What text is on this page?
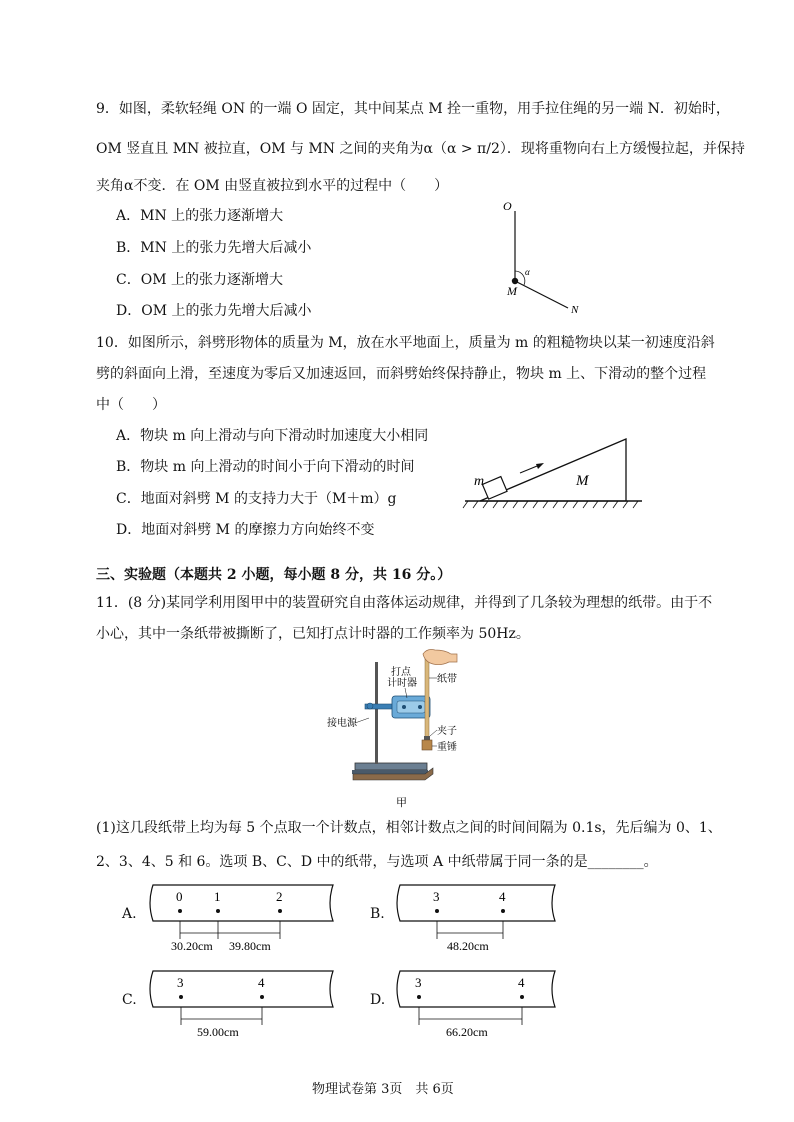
9．如图，柔软轻绳 ON 的一端 O 固定，其中间某点 M 拴一重物，用手拉住绳的另一端 N．初始时，
OM 竖直且 MN 被拉直，OM 与 MN 之间的夹角为α（α > π/2）．现将重物向右上方缓慢拉起，并保持
夹角α不变．在 OM 由竖直被拉到水平的过程中（　　）
A．MN 上的张力逐渐增大
B．MN 上的张力先增大后减小
C．OM 上的张力逐渐增大
D．OM 上的张力先增大后减小
O
M
N
α
10．如图所示，斜劈形物体的质量为 M，放在水平地面上，质量为 m 的粗糙物块以某一初速度沿斜
劈的斜面向上滑，至速度为零后又加速返回，而斜劈始终保持静止，物块 m 上、下滑动的整个过程
中（　　）
A．物块 m 向上滑动与向下滑动时加速度大小相同
B．物块 m 向上滑动的时间小于向下滑动的时间
C．地面对斜劈 M 的支持力大于（M＋m）g
D．地面对斜劈 M 的摩擦力方向始终不变
m	M
三、实验题（本题共 2 小题，每小题 8 分，共 16 分。）
11．(8 分)某同学利用图甲中的装置研究自由落体运动规律，并得到了几条较为理想的纸带。由于不
小心，其中一条纸带被撕断了，已知打点计时器的工作频率为 50Hz。
打点
计时器 纸带
接电源
夹子
重锤
甲
(1)这几段纸带上均为每 5 个点取一个计数点，相邻计数点之间的时间间隔为 0.1s，先后编为 0、1、
2、3、4、5 和 6。选项 B、C、D 中的纸带，与选项 A 中纸带属于同一条的是________。
A.
0 1	2
30.20cm 39.80cm
B.
3	4
48.20cm
C.
3	4
59.00cm
D.
3	4
66.20cm
物理试卷第 3页　共 6页
